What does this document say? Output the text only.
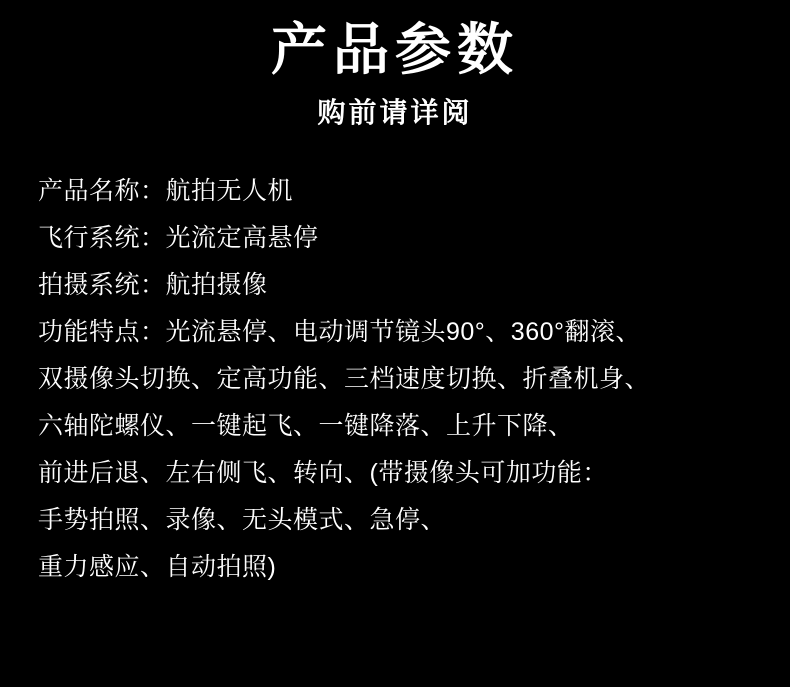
产品参数
购前请详阅
产品名称：航拍无人机
飞行系统：光流定高悬停
拍摄系统：航拍摄像
功能特点：光流悬停、电动调节镜头90°、360°翻滚、
双摄像头切换、定高功能、三档速度切换、折叠机身、
六轴陀螺仪、一键起飞、一键降落、上升下降、
前进后退、左右侧飞、转向、(带摄像头可加功能：
手势拍照、录像、无头模式、急停、
重力感应、自动拍照)
